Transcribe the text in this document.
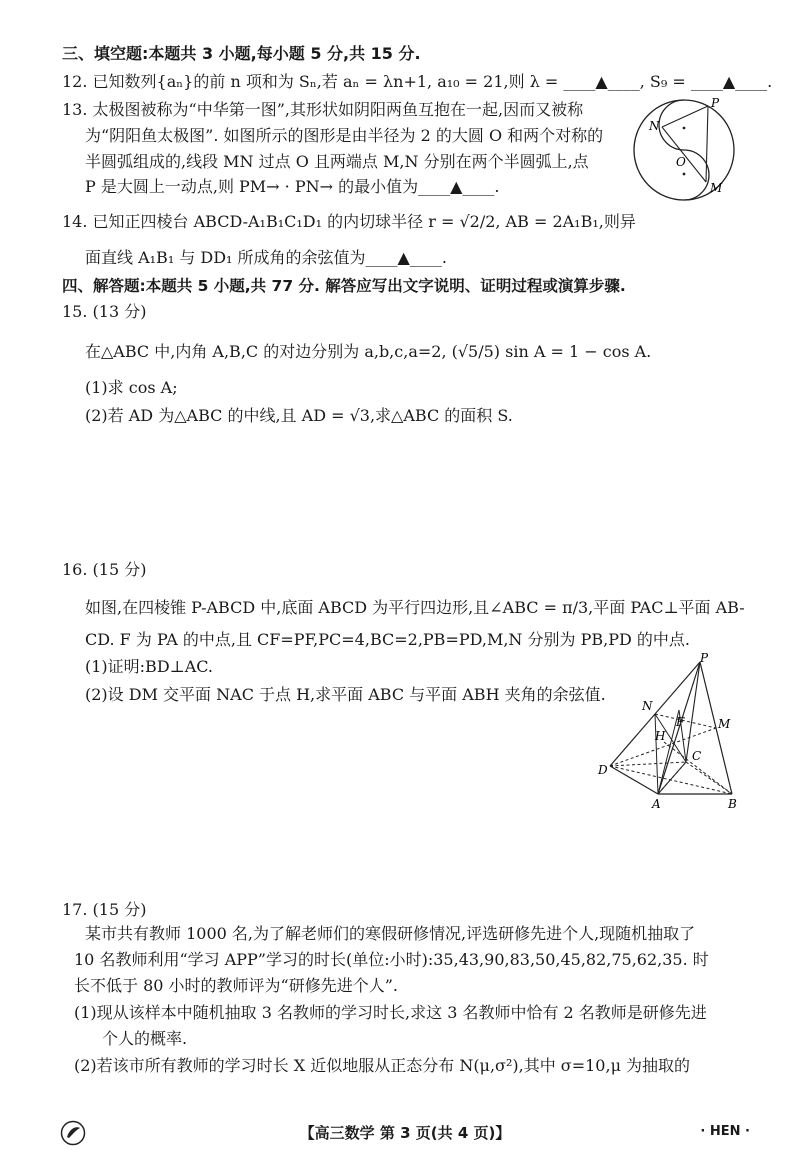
三、填空题:本题共 3 小题,每小题 5 分,共 15 分.
12. 已知数列{aₙ}的前 n 项和为 Sₙ,若 aₙ = λn+1, a₁₀ = 21,则 λ = ____▲____, S₉ = ____▲____.
13. 太极图被称为“中华第一图”,其形状如阴阳两鱼互抱在一起,因而又被称
为“阴阳鱼太极图”. 如图所示的图形是由半径为 2 的大圆 O 和两个对称的
半圆弧组成的,线段 MN 过点 O 且两端点 M,N 分别在两个半圆弧上,点
P 是大圆上一动点,则 PM→ · PN→ 的最小值为____▲____.
P
N
O
M
14. 已知正四棱台 ABCD-A₁B₁C₁D₁ 的内切球半径 r = √2/2, AB = 2A₁B₁,则异
面直线 A₁B₁ 与 DD₁ 所成角的余弦值为____▲____.
四、解答题:本题共 5 小题,共 77 分. 解答应写出文字说明、证明过程或演算步骤.
15. (13 分)
在△ABC 中,内角 A,B,C 的对边分别为 a,b,c,a=2, (√5/5) sin A = 1 − cos A.
(1)求 cos A;
(2)若 AD 为△ABC 的中线,且 AD = √3,求△ABC 的面积 S.
16. (15 分)
如图,在四棱锥 P-ABCD 中,底面 ABCD 为平行四边形,且∠ABC = π/3,平面 PAC⊥平面 AB-
CD. F 为 PA 的中点,且 CF=PF,PC=4,BC=2,PB=PD,M,N 分别为 PB,PD 的中点.
(1)证明:BD⊥AC.
(2)设 DM 交平面 NAC 于点 H,求平面 ABC 与平面 ABH 夹角的余弦值.
P
N
M
F
H
C
D
A	B
17. (15 分)
某市共有教师 1000 名,为了解老师们的寒假研修情况,评选研修先进个人,现随机抽取了
10 名教师利用“学习 APP”学习的时长(单位:小时):35,43,90,83,50,45,82,75,62,35. 时
长不低于 80 小时的教师评为“研修先进个人”.
(1)现从该样本中随机抽取 3 名教师的学习时长,求这 3 名教师中恰有 2 名教师是研修先进
个人的概率.
(2)若该市所有教师的学习时长 X 近似地服从正态分布 N(μ,σ²),其中 σ=10,μ 为抽取的
【高三数学 第 3 页(共 4 页)】	· HEN ·
